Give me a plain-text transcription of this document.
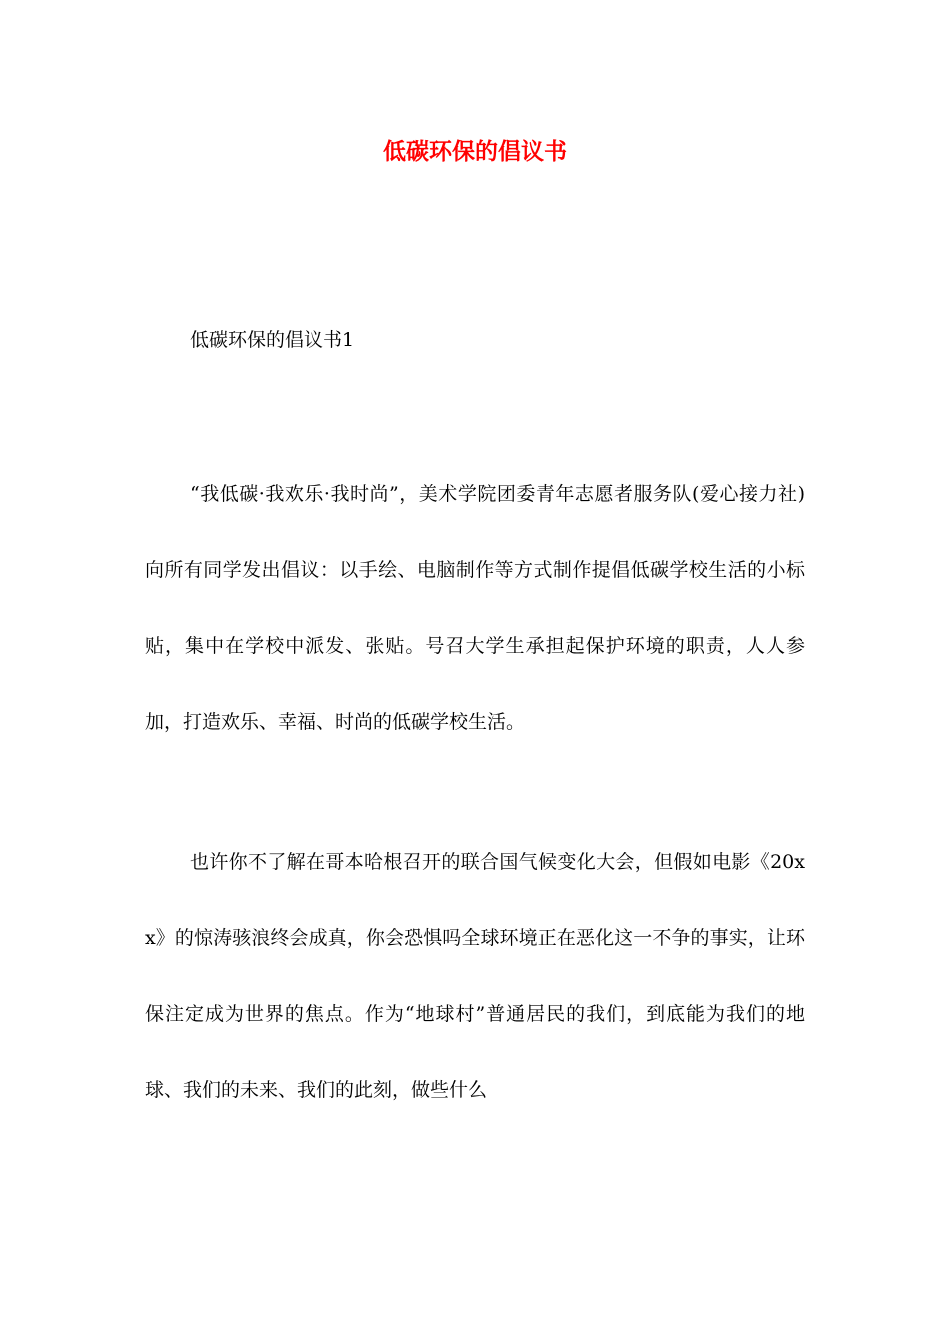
低碳环保的倡议书

低碳环保的倡议书1

“我低碳·我欢乐·我时尚”，美术学院团委青年志愿者服务队(爱心接力社)向所有同学发出倡议：以手绘、电脑制作等方式制作提倡低碳学校生活的小标贴，集中在学校中派发、张贴。号召大学生承担起保护环境的职责，人人参加，打造欢乐、幸福、时尚的低碳学校生活。

也许你不了解在哥本哈根召开的联合国气候变化大会，但假如电影《20xx》的惊涛骇浪终会成真，你会恐惧吗全球环境正在恶化这一不争的事实，让环保注定成为世界的焦点。作为“地球村”普通居民的我们，到底能为我们的地球、我们的未来、我们的此刻，做些什么
